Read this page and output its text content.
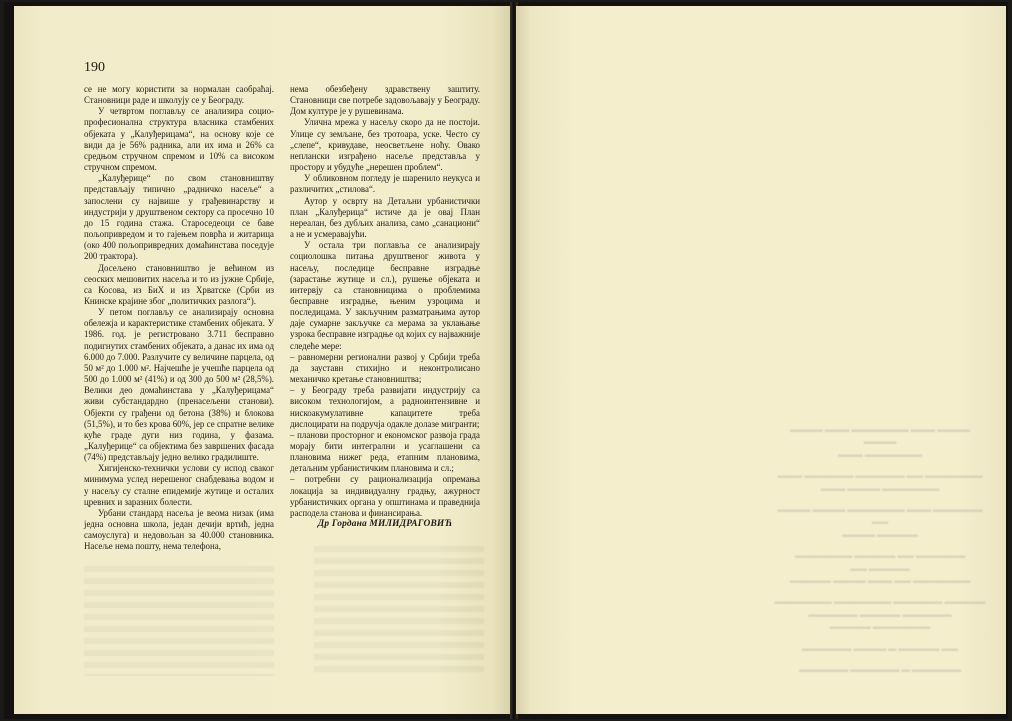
190

се не могу користити за нормалан саобраћај. Становници раде и школују се у Београду.

У четвртом поглављу се анализира социо-професионална структура власника стамбених објеката у „Калуђерицама“, на основу које се види да је 56% радника, али их има и 26% са средњом стручном спремом и 10% са високом стручном спремом.

„Калуђерице“ по свом становништву представљају типично „радничко насеље“ а запослени су највише у грађевинарству и индустрији у друштвеном сектору са просечно 10 до 15 година стажа. Староседеоци се баве пољопривредом и то гајењем поврћа и житарица (око 400 пољопривредних домаћинстава поседује 200 трактора).

Досељено становништво је већином из сеоских мешовитих насеља и то из јужне Србије, са Косова, из БиХ и из Хрватске (Срби из Книнске крајине због „политичких разлога“).

У петом поглављу се анализирају основна обележја и карактеристике стамбених објеката. У 1986. год. је регистровано 3.711 бесправно подигнутих стамбених објеката, а данас их има од 6.000 до 7.000. Разлучите су величине парцела, од 50 м² до 1.000 м². Најчешће је учешће парцела од 500 до 1.000 м² (41%) и од 300 до 500 м² (28,5%). Велики део домаћинстава у „Калуђерицама“ живи субстандардно (пренасељени станови). Објекти су грађени од бетона (38%) и блокова (51,5%), и то без крова 60%, јер се спратне велике куће граде дуги низ година, у фазама. „Калуђерице“ са објектима без завршених фасада (74%) представљају једно велико градилиште.

Хигијенско-технички услови су испод сваког минимума услед нерешеног снабдевања водом и у насељу су сталне епидемије жутице и осталих цревних и заразних болести.

Урбани стандард насеља је веома низак (има једна основна школа, један дечији вртић, једна самоуслуга) и недовољан за 40.000 становника. Насеље нема пошту, нема телефона,

нема обезбеђену здравствену заштиту. Становници све потребе задовољавају у Београду. Дом културе је у рушевинама.

Улична мрежа у насељу скоро да не постоји. Улице су земљане, без тротоара, уске. Често су „слепе“, кривудаве, неосветљене ноћу. Овако неплански изграђено насеље представља у простору и убудуће „нерешен проблем“.

У обликовном погледу је шаренило неукуса и различитих „стилова“.

Аутор у осврту на Детаљни урбанистички план „Калуђерица“ истиче да је овај План нереалан, без дубљих анализа, само „санациони“ а не и усмеравајући.

У остала три поглавља се анализирају социолошка питања друштвеног живота у насељу, последице бесправне изградње (зарастање жутице и сл.), рушење објеката и интервју са становницима о проблемима бесправне изградње, њеним узроцима и последицама. У закључним разматрањима аутор даје сумарне закључке са мерама за уклањање узрока бесправне изградње од којих су најважније следеће мере:

– равномерни регионални развој у Србији треба да зауставн стихијно и неконтролисано механичко кретање становништва;

– у Београду треба развијати индустрију са високом технологијом, а радноинтензивне и нискоакумулативне капацитете треба дислоцирати на подручја одакле долазе мигранти;

– планови просторног и економског развоја града морају бити интегрални и усаглашени са плановима нижег реда, етапним плановима, детаљним урбанистичким плановима и сл.;

– потребни су рационализација опремања локација за индивидуалну градњу, ажурност урбанистичких органа у општинама и праведнија расподела станова и финансирања.

Др Гордана МИЛИДРАГОВИЋ

▬▬▬▬ ▬▬▬ ▬▬▬▬▬▬▬ ▬▬▬ ▬▬▬▬ ▬▬▬▬
▬▬▬▬▬▬▬ ▬▬▬
▬▬▬▬▬▬▬ ▬▬ ▬▬▬▬▬▬ ▬▬▬▬▬▬ ▬▬▬
▬▬▬▬▬▬▬ ▬▬▬▬ ▬▬▬
▬▬▬▬▬▬ ▬▬▬ ▬▬▬▬▬▬▬ ▬▬▬▬ ▬▬▬▬ ▬▬
▬▬▬▬▬ ▬▬▬▬
▬▬▬▬▬▬ ▬▬ ▬▬▬▬▬ ▬▬▬▬▬▬▬ ▬▬▬▬▬ ▬▬
▬▬▬▬▬▬▬ ▬▬ ▬▬▬ ▬▬▬▬ ▬▬▬▬▬
▬▬▬▬▬ ▬▬▬▬▬▬ ▬▬▬▬▬▬▬ ▬▬▬▬▬▬▬
▬▬▬▬▬▬ ▬▬▬▬▬ ▬▬▬▬▬▬
▬▬▬▬▬▬▬ ▬▬▬▬▬
▬▬ ▬▬▬▬▬ ▬ ▬▬▬▬ ▬▬▬▬▬▬
▬▬▬▬▬▬ ▬ ▬▬▬▬▬▬ ▬▬▬▬▬▬
